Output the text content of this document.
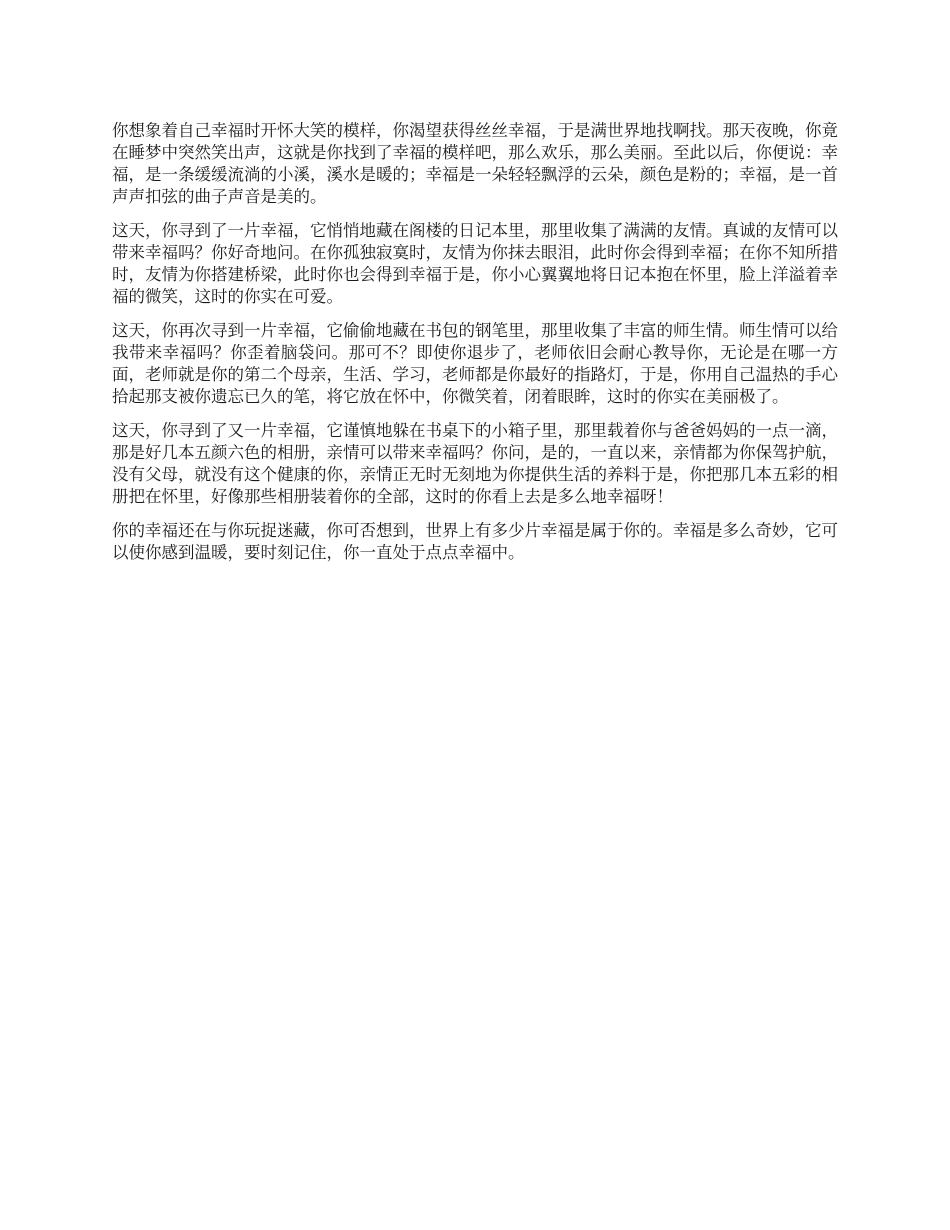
你想象着自己幸福时开怀大笑的模样，你渴望获得丝丝幸福，于是满世界地找啊找。那天夜晚，你竟在睡梦中突然笑出声，这就是你找到了幸福的模样吧，那么欢乐，那么美丽。至此以后，你便说：幸福，是一条缓缓流淌的小溪，溪水是暖的；幸福是一朵轻轻飘浮的云朵，颜色是粉的；幸福，是一首声声扣弦的曲子声音是美的。

这天，你寻到了一片幸福，它悄悄地藏在阁楼的日记本里，那里收集了满满的友情。真诚的友情可以带来幸福吗？你好奇地问。在你孤独寂寞时，友情为你抹去眼泪，此时你会得到幸福；在你不知所措时，友情为你搭建桥梁，此时你也会得到幸福于是，你小心翼翼地将日记本抱在怀里，脸上洋溢着幸福的微笑，这时的你实在可爱。

这天，你再次寻到一片幸福，它偷偷地藏在书包的钢笔里，那里收集了丰富的师生情。师生情可以给我带来幸福吗？你歪着脑袋问。那可不？即使你退步了，老师依旧会耐心教导你，无论是在哪一方面，老师就是你的第二个母亲，生活、学习，老师都是你最好的指路灯，于是，你用自己温热的手心拾起那支被你遗忘已久的笔，将它放在怀中，你微笑着，闭着眼眸，这时的你实在美丽极了。

这天，你寻到了又一片幸福，它谨慎地躲在书桌下的小箱子里，那里载着你与爸爸妈妈的一点一滴，那是好几本五颜六色的相册，亲情可以带来幸福吗？你问，是的，一直以来，亲情都为你保驾护航，没有父母，就没有这个健康的你，亲情正无时无刻地为你提供生活的养料于是，你把那几本五彩的相册把在怀里，好像那些相册装着你的全部，这时的你看上去是多么地幸福呀！

你的幸福还在与你玩捉迷藏，你可否想到，世界上有多少片幸福是属于你的。幸福是多么奇妙，它可以使你感到温暖，要时刻记住，你一直处于点点幸福中。
